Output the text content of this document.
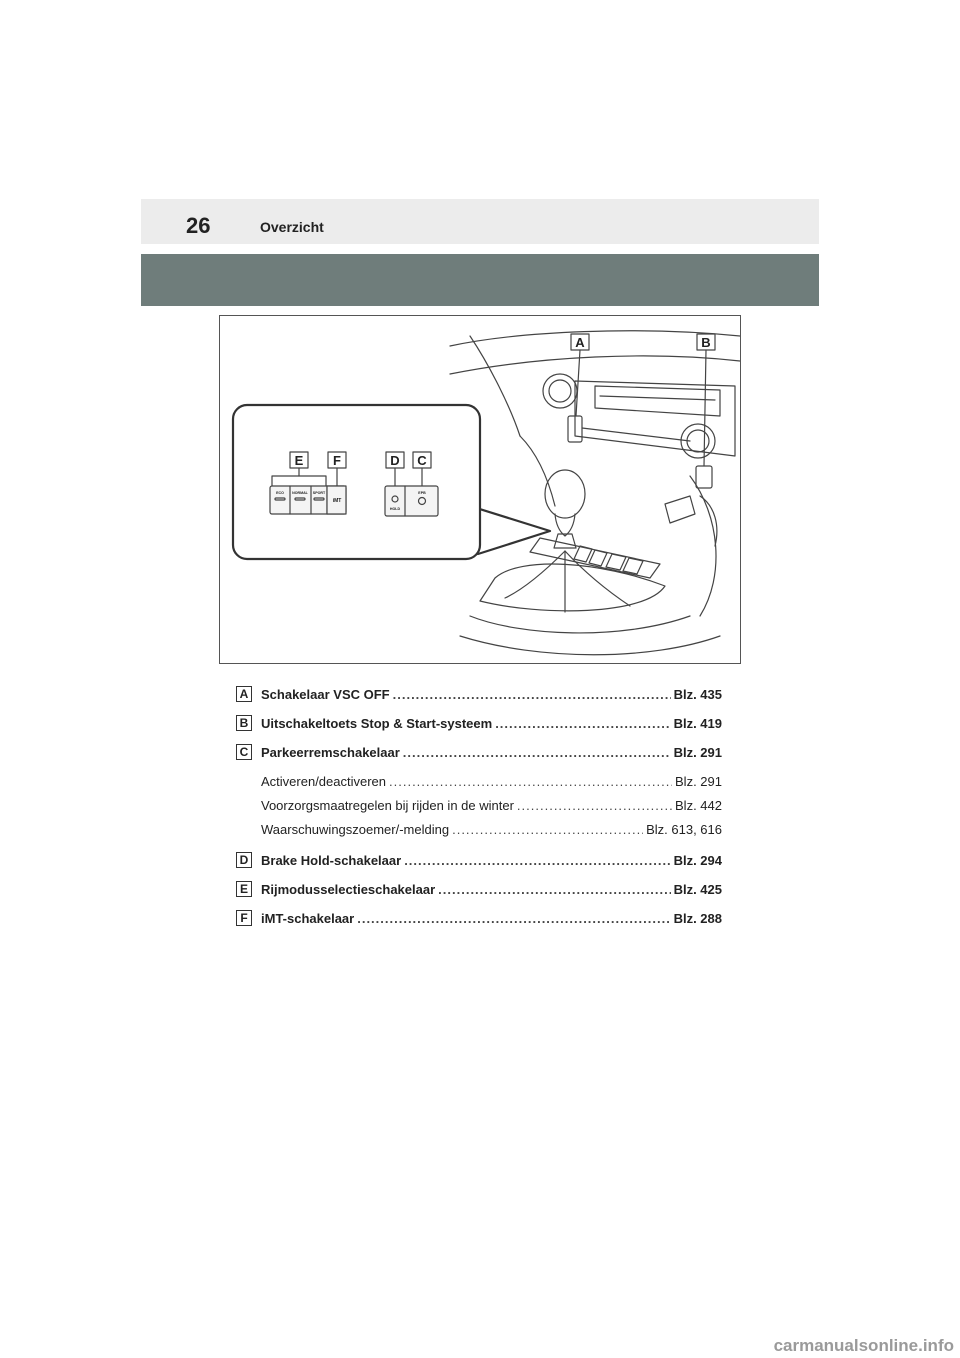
26	Overzicht
A	B
E F	D C
ECO NORMAL SPORT
iMT
HOLD
EPB
A Schakelaar VSC OFF .....	Blz. 435
B Uitschakeltoets Stop & Start-systeem .....	Blz. 419
C Parkeerremschakelaar .....	Blz. 291
Activeren/deactiveren .....	Blz. 291
Voorzorgsmaatregelen bij rijden in de winter .....	Blz. 442
Waarschuwingszoemer/-melding .....	Blz. 613, 616
D Brake Hold-schakelaar .....	Blz. 294
E	Rijmodusselectieschakelaar .....	Blz. 425
F	iMT-schakelaar .....	Blz. 288
carmanualsonline.info
